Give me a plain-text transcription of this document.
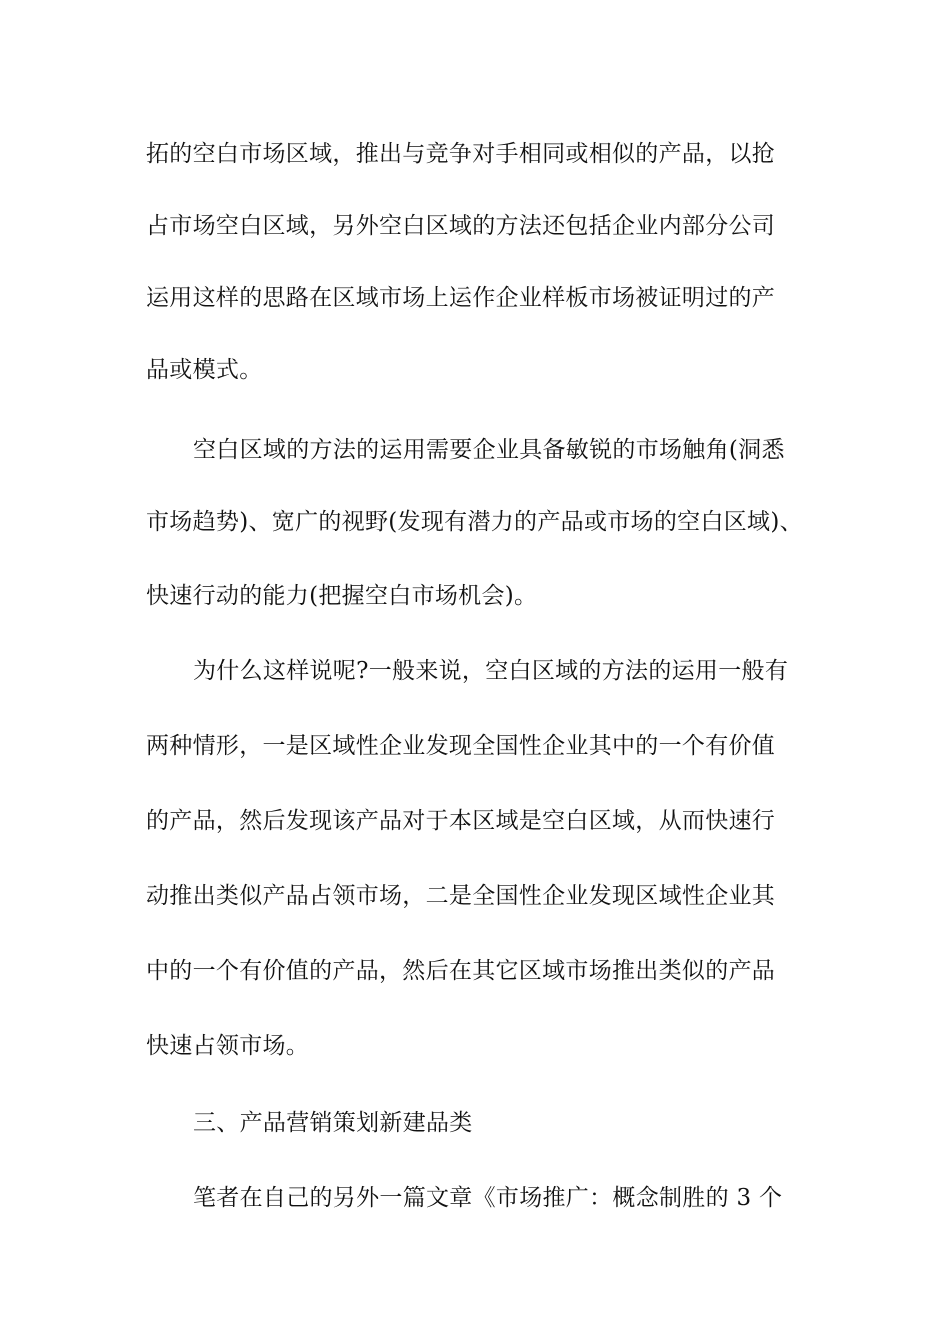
拓的空白市场区域，推出与竞争对手相同或相似的产品，以抢
占市场空白区域，另外空白区域的方法还包括企业内部分公司
运用这样的思路在区域市场上运作企业样板市场被证明过的产
品或模式。
空白区域的方法的运用需要企业具备敏锐的市场触角(洞悉
市场趋势)、宽广的视野(发现有潜力的产品或市场的空白区域)、
快速行动的能力(把握空白市场机会)。
为什么这样说呢?一般来说，空白区域的方法的运用一般有
两种情形，一是区域性企业发现全国性企业其中的一个有价值
的产品，然后发现该产品对于本区域是空白区域，从而快速行
动推出类似产品占领市场，二是全国性企业发现区域性企业其
中的一个有价值的产品，然后在其它区域市场推出类似的产品
快速占领市场。
三、产品营销策划新建品类
笔者在自己的另外一篇文章《市场推广：概念制胜的 3 个
